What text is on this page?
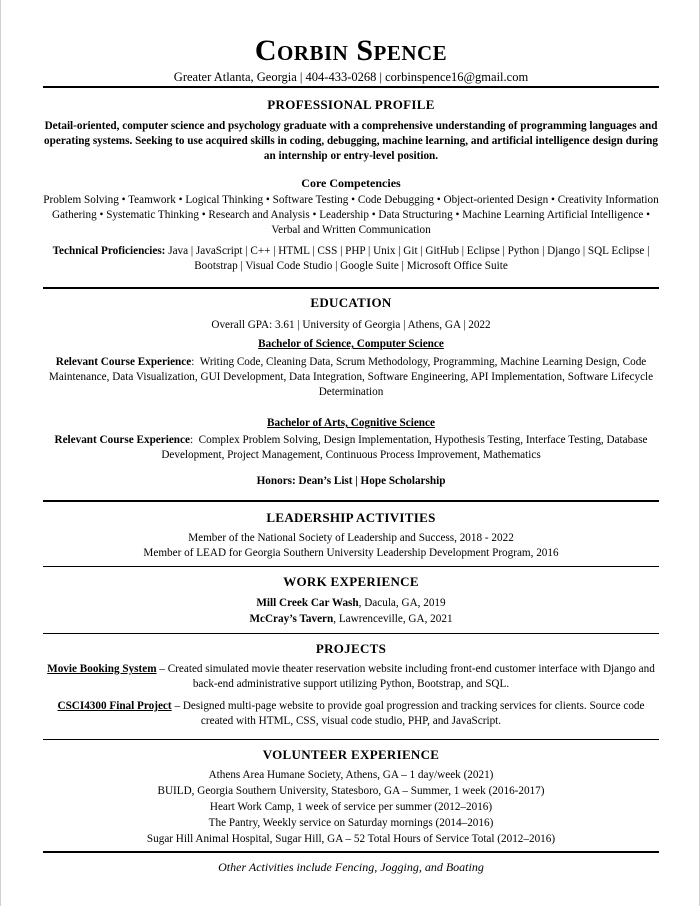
Corbin Spence
Greater Atlanta, Georgia | 404-433-0268 | corbinspence16@gmail.com
PROFESSIONAL PROFILE
Detail-oriented, computer science and psychology graduate with a comprehensive understanding of programming languages and operating systems. Seeking to use acquired skills in coding, debugging, machine learning, and artificial intelligence design during an internship or entry-level position.
Core Competencies
Problem Solving • Teamwork • Logical Thinking • Software Testing • Code Debugging • Object-oriented Design • Creativity Information Gathering • Systematic Thinking • Research and Analysis • Leadership • Data Structuring • Machine Learning Artificial Intelligence • Verbal and Written Communication
Technical Proficiencies: Java | JavaScript | C++ | HTML | CSS | PHP | Unix | Git | GitHub | Eclipse | Python | Django | SQL Eclipse | Bootstrap | Visual Code Studio | Google Suite | Microsoft Office Suite
EDUCATION
Overall GPA: 3.61 | University of Georgia | Athens, GA | 2022
Bachelor of Science, Computer Science
Relevant Course Experience:  Writing Code, Cleaning Data, Scrum Methodology, Programming, Machine Learning Design, Code Maintenance, Data Visualization, GUI Development, Data Integration, Software Engineering, API Implementation, Software Lifecycle Determination
Bachelor of Arts, Cognitive Science
Relevant Course Experience:  Complex Problem Solving, Design Implementation, Hypothesis Testing, Interface Testing, Database Development, Project Management, Continuous Process Improvement, Mathematics
Honors: Dean’s List | Hope Scholarship
LEADERSHIP ACTIVITIES
Member of the National Society of Leadership and Success, 2018 - 2022
Member of LEAD for Georgia Southern University Leadership Development Program, 2016
WORK EXPERIENCE
Mill Creek Car Wash, Dacula, GA, 2019
McCray’s Tavern, Lawrenceville, GA, 2021
PROJECTS
Movie Booking System – Created simulated movie theater reservation website including front-end customer interface with Django and back-end administrative support utilizing Python, Bootstrap, and SQL.
CSCI4300 Final Project – Designed multi-page website to provide goal progression and tracking services for clients. Source code created with HTML, CSS, visual code studio, PHP, and JavaScript.
VOLUNTEER EXPERIENCE
Athens Area Humane Society, Athens, GA – 1 day/week (2021)
BUILD, Georgia Southern University, Statesboro, GA – Summer, 1 week (2016-2017)
Heart Work Camp, 1 week of service per summer (2012–2016)
The Pantry, Weekly service on Saturday mornings (2014–2016)
Sugar Hill Animal Hospital, Sugar Hill, GA – 52 Total Hours of Service Total (2012–2016)
Other Activities include Fencing, Jogging, and Boating
